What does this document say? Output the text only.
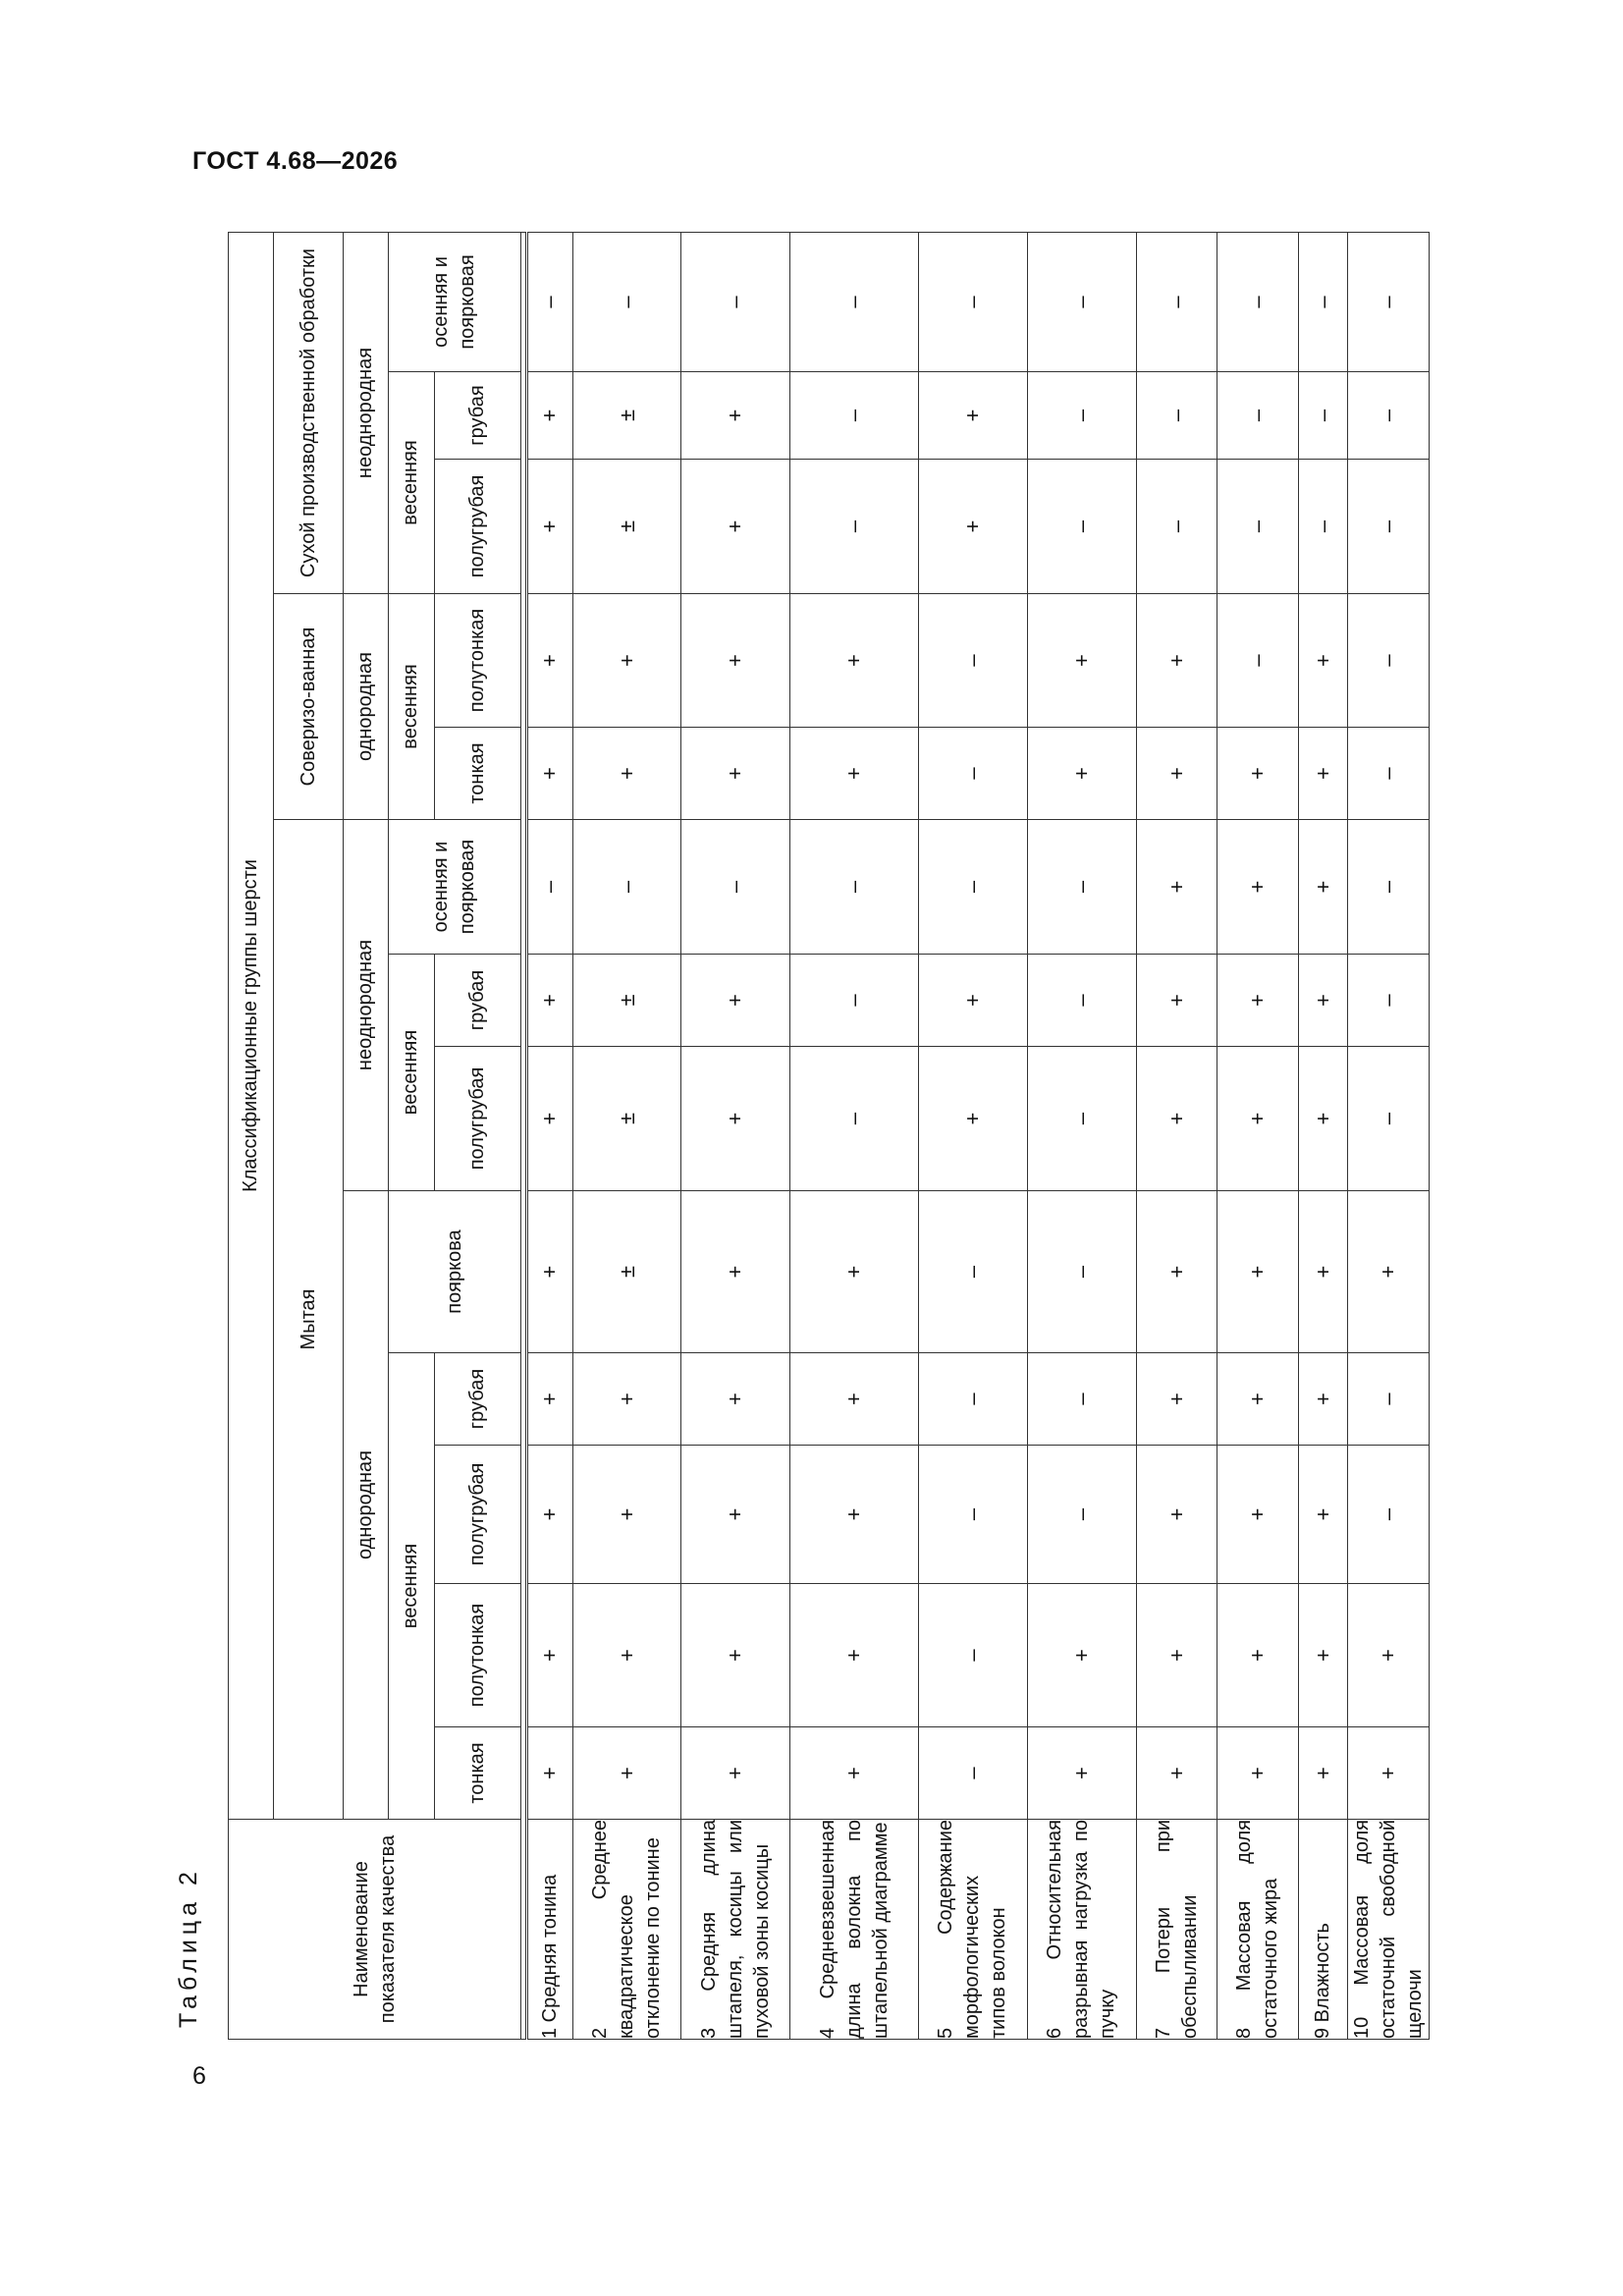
ГОСТ 4.68—2026
Таблица 2
6
Наименование показателя качества	Классификационные группы шерсти												
	Мытая								Соверизо-ванная		Сухой производственной обработки		
	однородная					неоднородная			однородная		неоднородная		
	весенняя				пояркова	весенняя		осенняя и поярковая	весенняя		весенняя		осенняя и поярковая
	тонкая	полутонкая	полугрубая	грубая		полугрубая	грубая		тонкая	полутонкая	полугрубая	грубая	

1 Средняя тонина	+	+	+	+	+	+	+	–	+	+	+	+	–
2 Среднее квадратическое отклонение по тонине	+	+	+	+	±	±	±	–	+	+	±	±	–
3 Средняя длина штапеля, косицы или пуховой зоны косицы	+	+	+	+	+	+	+	–	+	+	+	+	–
4 Средневзвешенная длина волокна по штапельной диаграмме	+	+	+	+	+	–	–	–	+	+	–	–	–
5 Содержание морфологических типов волокон	–	–	–	–	–	+	+	–	–	–	+	+	–
6 Относительная разрывная нагрузка по пучку	+	+	–	–	–	–	–	–	+	+	–	–	–
7 Потери при обеспыливании	+	+	+	+	+	+	+	+	+	+	–	–	–
8 Массовая доля остаточного жира	+	+	+	+	+	+	+	+	+	–	–	–	–
9 Влажность	+	+	+	+	+	+	+	+	+	+	–	–	–
10 Массовая доля остаточной свободной щелочи	+	+	–	–	+	–	–	–	–	–	–	–	–
